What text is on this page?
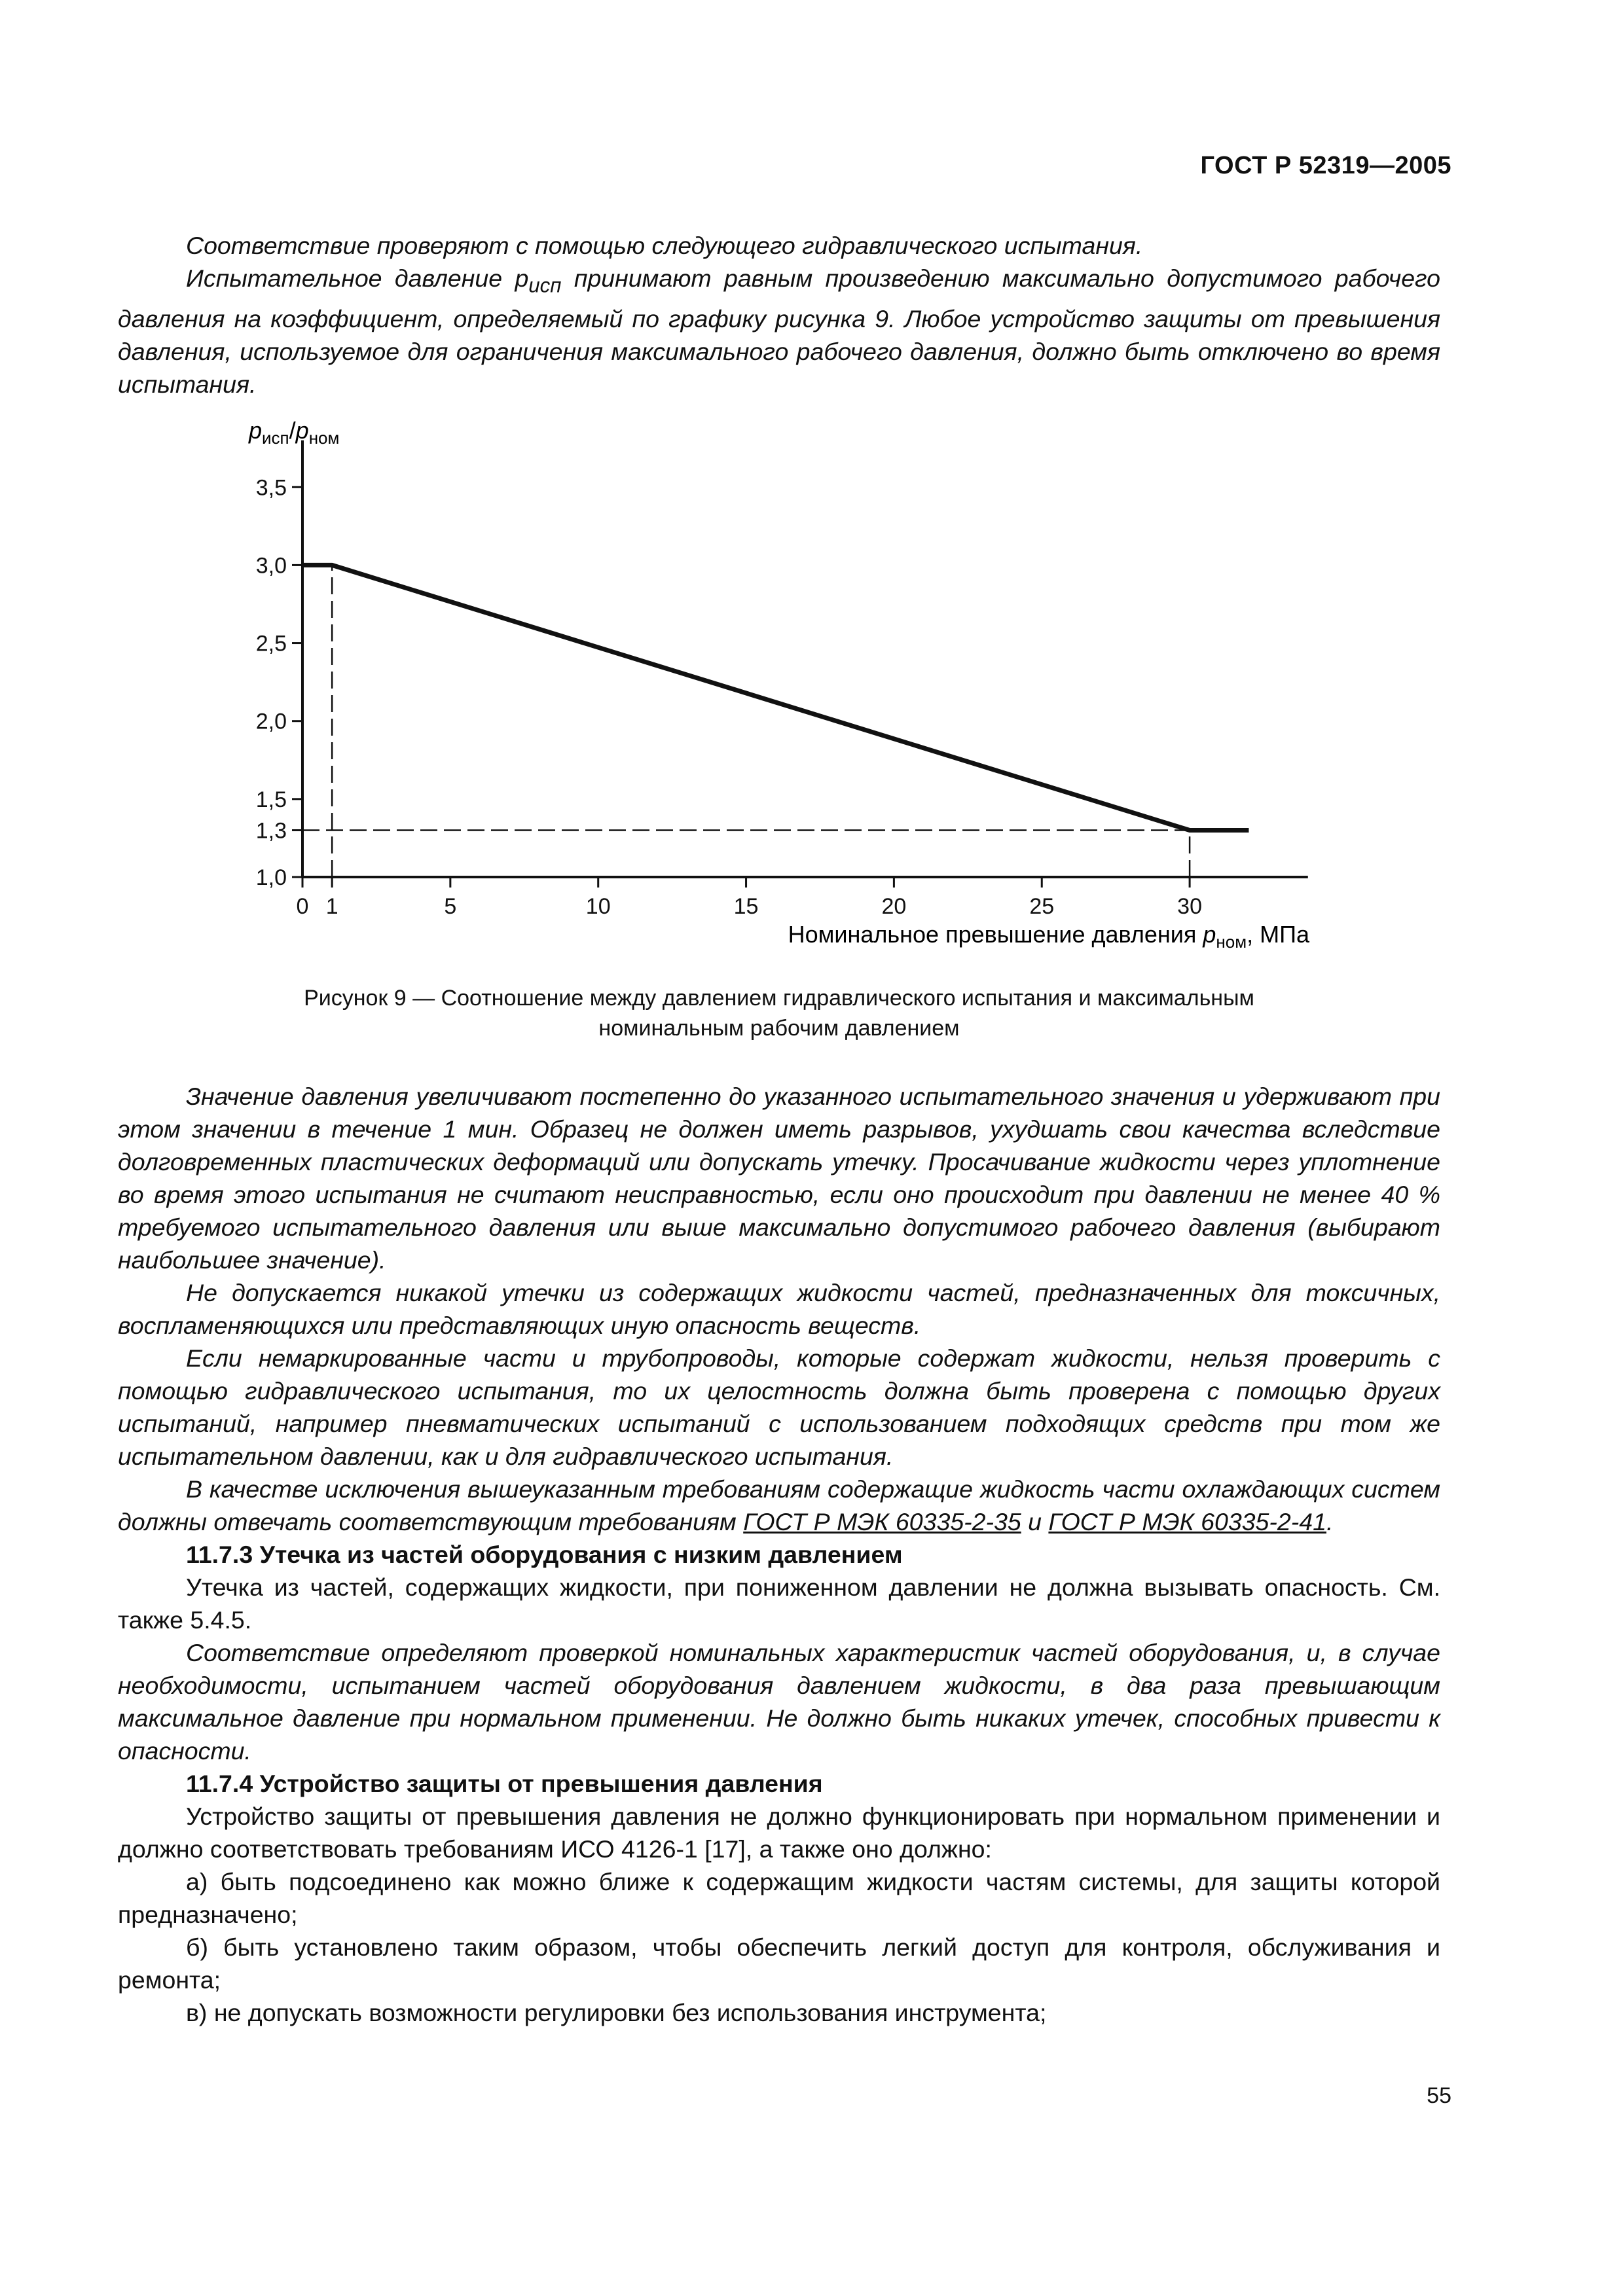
ГОСТ Р 52319—2005

Соответствие проверяют с помощью следующего гидравлического испытания.

Испытательное давление $p_{исп}$ принимают равным произведению максимально допустимого рабочего давления на коэффициент, определяемый по графику рисунка 9. Любое устройство защиты от превышения давления, используемое для ограничения максимального рабочего давления, должно быть отключено во время испытания.

$p_{исп}/p_{ном}$
Номинальное превышение давления $p_{ном}$, МПа
1,0
1,3
1,5
2,0
2,5
3,0
3,5
0 1	5	10	15	20	25	30
Рисунок 9 — Соотношение между давлением гидравлического испытания и максимальным
номинальным рабочим давлением

Значение давления увеличивают постепенно до указанного испытательного значения и удерживают при этом значении в течение 1 мин. Образец не должен иметь разрывов, ухудшать свои качества вследствие долговременных пластических деформаций или допускать утечку. Просачивание жидкости через уплотнение во время этого испытания не считают неисправностью, если оно происходит при давлении не менее 40 % требуемого испытательного давления или выше максимально допустимого рабочего давления (выбирают наибольшее значение).

Не допускается никакой утечки из содержащих жидкости частей, предназначенных для токсичных, воспламеняющихся или представляющих иную опасность веществ.

Если немаркированные части и трубопроводы, которые содержат жидкости, нельзя проверить с помощью гидравлического испытания, то их целостность должна быть проверена с помощью других испытаний, например пневматических испытаний с использованием подходящих средств при том же испытательном давлении, как и для гидравлического испытания.

В качестве исключения вышеуказанным требованиям содержащие жидкость части охлаждающих систем должны отвечать соответствующим требованиям ГОСТ Р МЭК 60335-2-35 и ГОСТ Р МЭК 60335-2-41.

11.7.3 Утечка из частей оборудования с низким давлением

Утечка из частей, содержащих жидкости, при пониженном давлении не должна вызывать опасность. См. также 5.4.5.

Соответствие определяют проверкой номинальных характеристик частей оборудования, и, в случае необходимости, испытанием частей оборудования давлением жидкости, в два раза превышающим максимальное давление при нормальном применении. Не должно быть никаких утечек, способных привести к опасности.

11.7.4 Устройство защиты от превышения давления

Устройство защиты от превышения давления не должно функционировать при нормальном применении и должно соответствовать требованиям ИСО 4126-1 [17], а также оно должно:

а) быть подсоединено как можно ближе к содержащим жидкости частям системы, для защиты которой предназначено;

б) быть установлено таким образом, чтобы обеспечить легкий доступ для контроля, обслуживания и ремонта;

в) не допускать возможности регулировки без использования инструмента;

55
